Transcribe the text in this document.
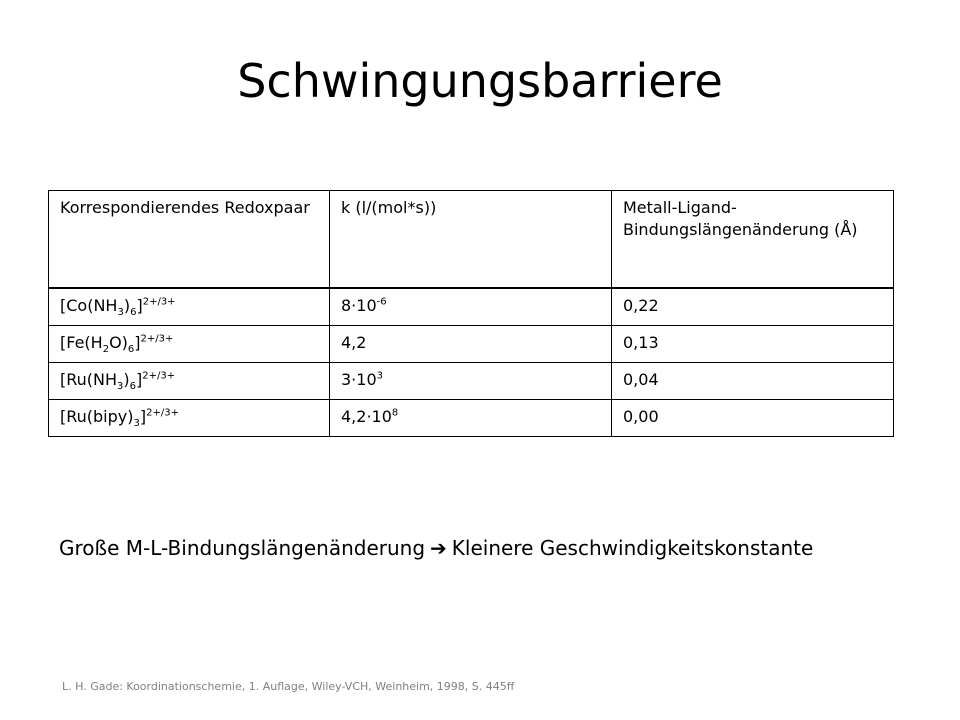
Schwingungsbarriere
Korrespondierendes Redoxpaar	k (l/(mol*s))	Metall-Ligand-Bindungslängenänderung (Å)
$[Co(NH_3)_6]^{2+/3+}$	$8\cdot 10^{-6}$	0,22
$[Fe(H_2O)_6]^{2+/3+}$	4,2	0,13
$[Ru(NH_3)_6]^{2+/3+}$	$3\cdot 10^3$	0,04
$[Ru(bipy)_3]^{2+/3+}$	$4,2\cdot 10^8$	0,00
Große M-L-Bindungslängenänderung ➔ Kleinere Geschwindigkeitskonstante
L. H. Gade: Koordinationschemie, 1. Auflage, Wiley-VCH, Weinheim, 1998, S. 445ff
